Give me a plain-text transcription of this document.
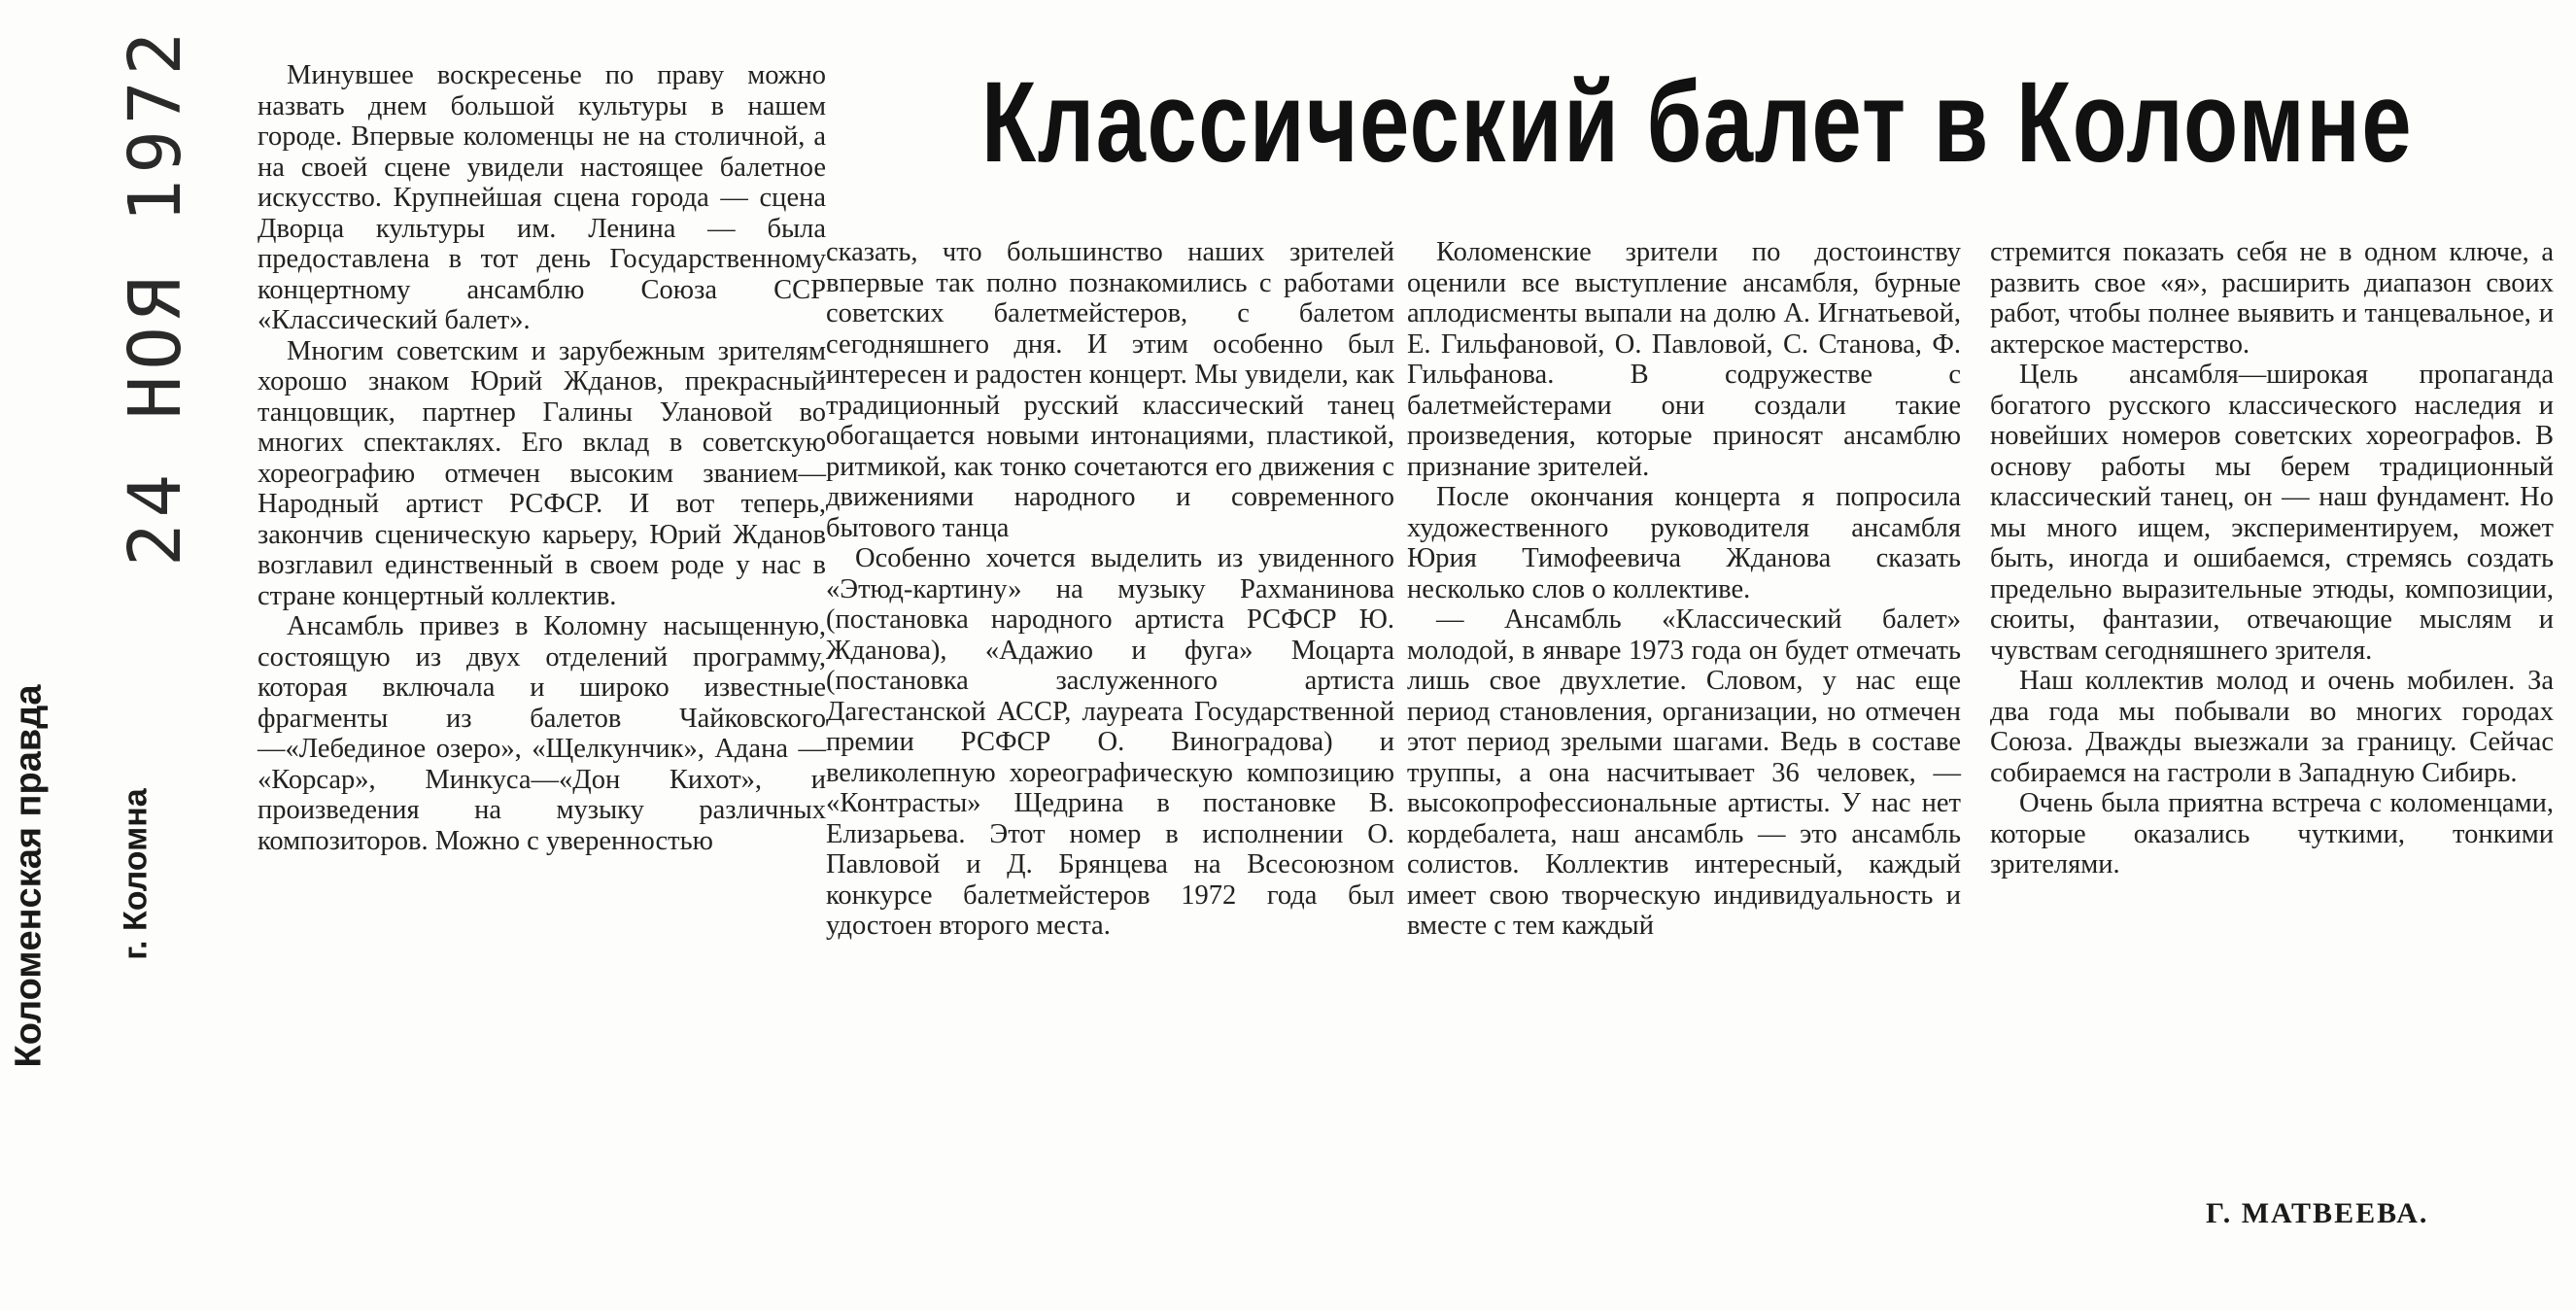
24 НОЯ 1972
Коломенская правда г. Коломна
Классический балет в Коломне

Минувшее воскресенье по праву можно назвать днем большой культуры в нашем городе. Впервые коломенцы не на столичной, а на своей сцене увидели настоящее балетное искусство. Крупнейшая сцена города — сцена Дворца культуры им. Ленина — была предоставлена в тот день Государственному концертному ансамблю Союза ССР «Классический балет».

Многим советским и зарубежным зрителям хорошо знаком Юрий Жданов, прекрасный танцовщик, партнер Галины Улановой во многих спектаклях. Его вклад в советскую хореографию отмечен высоким званием— Народный артист РСФСР. И вот теперь, закончив сценическую карьеру, Юрий Жданов возглавил единственный в своем роде у нас в стране концертный коллектив.

Ансамбль привез в Коломну насыщенную, состоящую из двух отделений программу, которая включала и широко известные фрагменты из балетов Чайковского—«Лебединое озеро», «Щелкунчик», Адана — «Корсар», Минкуса—«Дон Кихот», и произведения на музыку различных композиторов. Можно с уверенностью

сказать, что большинство наших зрителей впервые так полно познакомились с работами советских балетмейстеров, с балетом сегодняшнего дня. И этим особенно был интересен и радостен концерт. Мы увидели, как традиционный русский классический танец обогащается новыми интонациями, пластикой, ритмикой, как тонко сочетаются его движения с движениями народного и современного бытового танца

Особенно хочется выделить из увиденного «Этюд-картину» на музыку Рахманинова (постановка народного артиста РСФСР Ю. Жданова), «Адажио и фуга» Моцарта (постановка заслуженного артиста Дагестанской АССР, лауреата Государственной премии РСФСР О. Виноградова) и великолепную хореографическую композицию «Контрасты» Щедрина в постановке В. Елизарьева. Этот номер в исполнении О. Павловой и Д. Брянцева на Всесоюзном конкурсе балетмейстеров 1972 года был удостоен второго места.

Коломенские зрители по достоинству оценили все выступление ансамбля, бурные аплодисменты выпали на долю А. Игнатьевой, Е. Гильфановой, О. Павловой, С. Станова, Ф. Гильфанова. В содружестве с балетмейстерами они создали такие произведения, которые приносят ансамблю признание зрителей.

После окончания концерта я попросила художественного руководителя ансамбля Юрия Тимофеевича Жданова сказать несколько слов о коллективе.

— Ансамбль «Классический балет» молодой, в январе 1973 года он будет отмечать лишь свое двухлетие. Словом, у нас еще период становления, организации, но отмечен этот период зрелыми шагами. Ведь в составе труппы, а она насчитывает 36 человек, — высокопрофессиональные артисты. У нас нет кордебалета, наш ансамбль — это ансамбль солистов. Коллектив интересный, каждый имеет свою творческую индивидуальность и вместе с тем каждый

стремится показать себя не в одном ключе, а развить свое «я», расширить диапазон своих работ, чтобы полнее выявить и танцевальное, и актерское мастерство.

Цель ансамбля—широкая пропаганда богатого русского классического наследия и новейших номеров советских хореографов. В основу работы мы берем традиционный классический танец, он — наш фундамент. Но мы много ищем, экспериментируем, может быть, иногда и ошибаемся, стремясь создать предельно выразительные этюды, композиции, сюиты, фантазии, отвечающие мыслям и чувствам сегодняшнего зрителя.

Наш коллектив молод и очень мобилен. За два года мы побывали во многих городах Союза. Дважды выезжали за границу. Сейчас собираемся на гастроли в Западную Сибирь.

Очень была приятна встреча с коломенцами, которые оказались чуткими, тонкими зрителями.

Г. МАТВЕЕВА.
